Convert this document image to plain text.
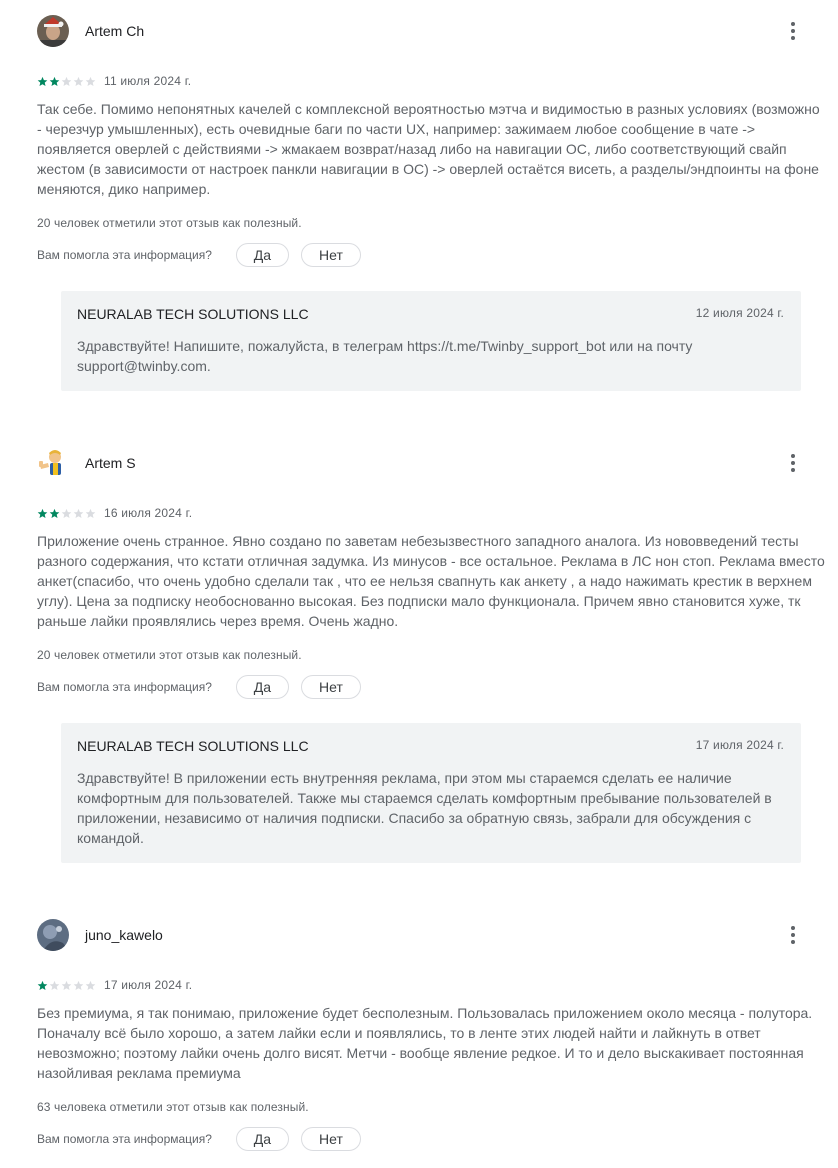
Artem Ch
11 июля 2024 г.
Так себе. Помимо непонятных качелей с комплексной вероятностью мэтча и видимостью в разных условиях (возможно - черезчур умышленных), есть очевидные баги по части UX, например: зажимаем любое сообщение в чате -> появляется оверлей с действиями -> жмакаем возврат/назад либо на навигации ОС, либо соответствующий свайп жестом (в зависимости от настроек панкли навигации в ОС) -> оверлей остаётся висеть, а разделы/эндпоинты на фоне меняются, дико например.
20 человек отметили этот отзыв как полезный.
Вам помогла эта информация?	Да	Нет
NEURALAB TECH SOLUTIONS LLC	12 июля 2024 г.
Здравствуйте! Напишите, пожалуйста, в телеграм https://t.me/Twinby_support_bot или на почту support@twinby.com.
Artem S
16 июля 2024 г.
Приложение очень странное. Явно создано по заветам небезызвестного западного аналога. Из нововведений тесты разного содержания, что кстати отличная задумка. Из минусов - все остальное. Реклама в ЛС нон стоп. Реклама вместо анкет(спасибо, что очень удобно сделали так , что ее нельзя свапнуть как анкету , а надо нажимать крестик в верхнем углу). Цена за подписку необоснованно высокая. Без подписки мало функционала. Причем явно становится хуже, тк раньше лайки проявлялись через время. Очень жадно.
20 человек отметили этот отзыв как полезный.
Вам помогла эта информация?	Да	Нет
NEURALAB TECH SOLUTIONS LLC	17 июля 2024 г.
Здравствуйте! В приложении есть внутренняя реклама, при этом мы стараемся сделать ее наличие комфортным для пользователей. Также мы стараемся сделать комфортным пребывание пользователей в приложении, независимо от наличия подписки. Спасибо за обратную связь, забрали для обсуждения с командой.
juno_kawelo
17 июля 2024 г.
Без премиума, я так понимаю, приложение будет бесполезным. Пользовалась приложением около месяца - полутора. Поначалу всё было хорошо, а затем лайки если и появлялись, то в ленте этих людей найти и лайкнуть в ответ невозможно; поэтому лайки очень долго висят. Метчи - вообще явление редкое. И то и дело выскакивает постоянная назойливая реклама премиума
63 человека отметили этот отзыв как полезный.
Вам помогла эта информация?	Да	Нет
